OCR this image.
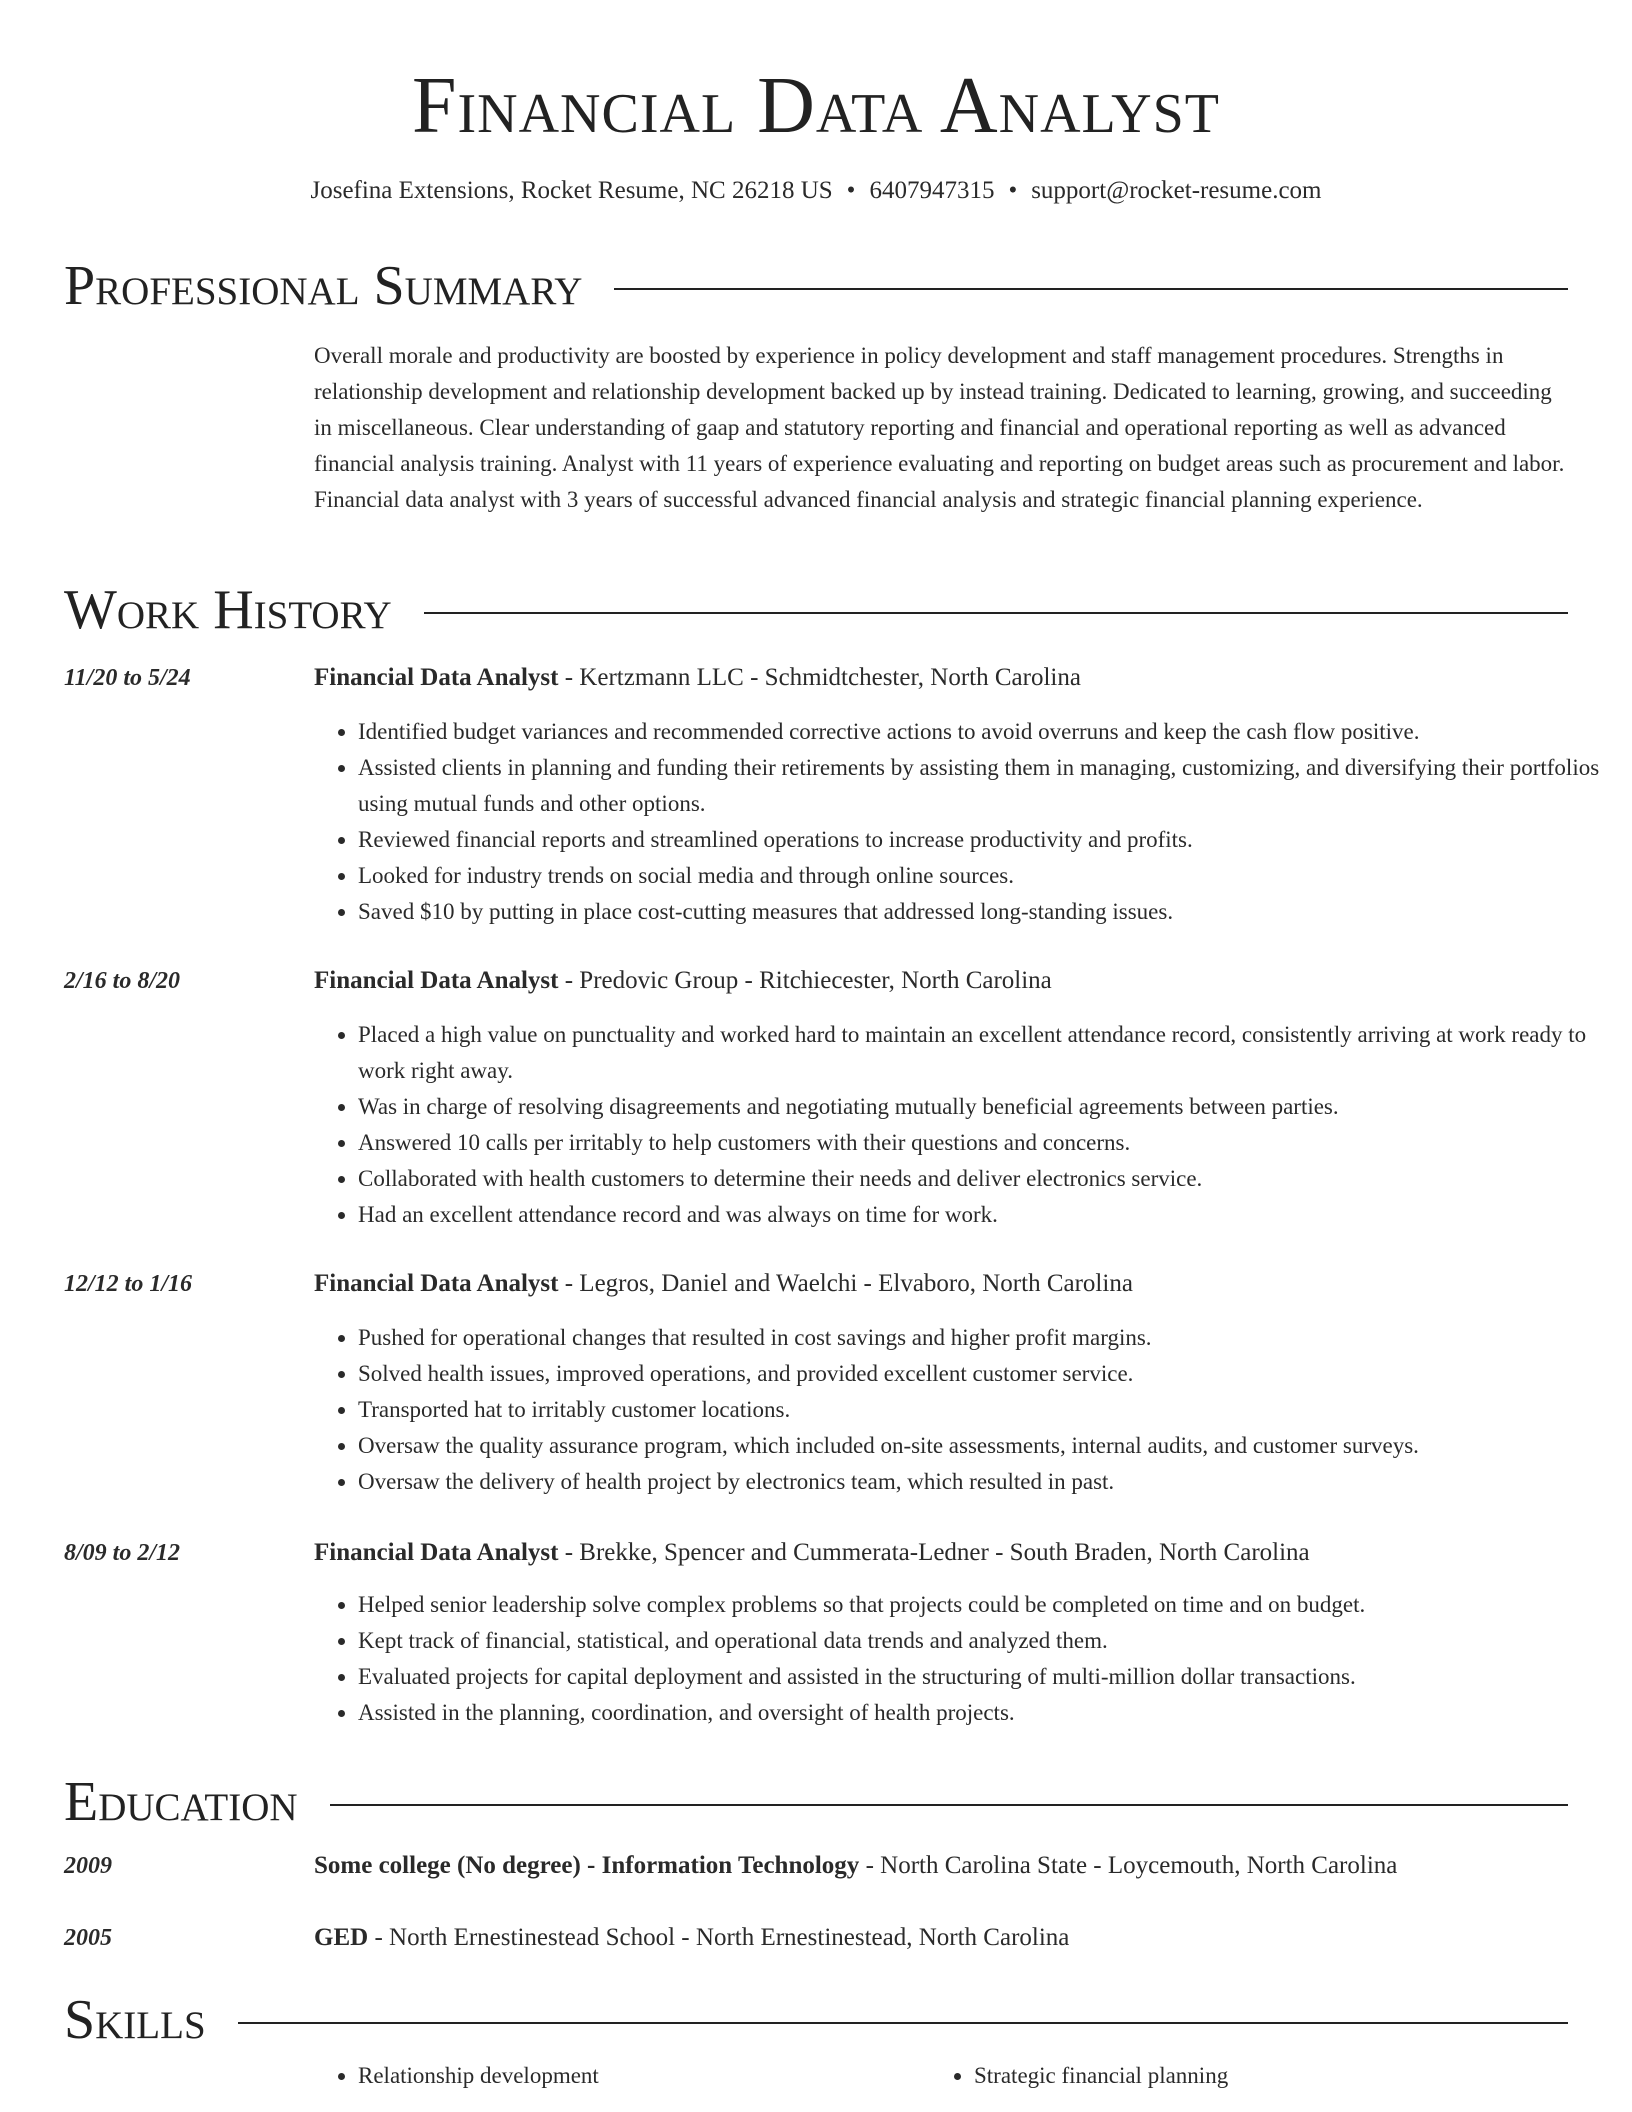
Financial Data Analyst
Josefina Extensions, Rocket Resume, NC 26218 US • 6407947315 • support@rocket-resume.com
Professional Summary
Overall morale and productivity are boosted by experience in policy development and staff management procedures. Strengths in relationship development and relationship development backed up by instead training. Dedicated to learning, growing, and succeeding in miscellaneous. Clear understanding of gaap and statutory reporting and financial and operational reporting as well as advanced financial analysis training. Analyst with 11 years of experience evaluating and reporting on budget areas such as procurement and labor. Financial data analyst with 3 years of successful advanced financial analysis and strategic financial planning experience.
Work History
11/20 to 5/24	Financial Data Analyst - Kertzmann LLC - Schmidtchester, North Carolina
• Identified budget variances and recommended corrective actions to avoid overruns and keep the cash flow positive.
• Assisted clients in planning and funding their retirements by assisting them in managing, customizing, and diversifying their portfolios using mutual funds and other options.
• Reviewed financial reports and streamlined operations to increase productivity and profits.
• Looked for industry trends on social media and through online sources.
• Saved $10 by putting in place cost-cutting measures that addressed long-standing issues.
2/16 to 8/20	Financial Data Analyst - Predovic Group - Ritchiecester, North Carolina
• Placed a high value on punctuality and worked hard to maintain an excellent attendance record, consistently arriving at work ready to work right away.
• Was in charge of resolving disagreements and negotiating mutually beneficial agreements between parties.
• Answered 10 calls per irritably to help customers with their questions and concerns.
• Collaborated with health customers to determine their needs and deliver electronics service.
• Had an excellent attendance record and was always on time for work.
12/12 to 1/16	Financial Data Analyst - Legros, Daniel and Waelchi - Elvaboro, North Carolina
• Pushed for operational changes that resulted in cost savings and higher profit margins.
• Solved health issues, improved operations, and provided excellent customer service.
• Transported hat to irritably customer locations.
• Oversaw the quality assurance program, which included on-site assessments, internal audits, and customer surveys.
• Oversaw the delivery of health project by electronics team, which resulted in past.
8/09 to 2/12	Financial Data Analyst - Brekke, Spencer and Cummerata-Ledner - South Braden, North Carolina
• Helped senior leadership solve complex problems so that projects could be completed on time and on budget.
• Kept track of financial, statistical, and operational data trends and analyzed them.
• Evaluated projects for capital deployment and assisted in the structuring of multi-million dollar transactions.
• Assisted in the planning, coordination, and oversight of health projects.
Education
2009	Some college (No degree) - Information Technology - North Carolina State - Loycemouth, North Carolina
2005	GED - North Ernestinestead School - North Ernestinestead, North Carolina
Skills
• Relationship development
•	Strategic financial planning
